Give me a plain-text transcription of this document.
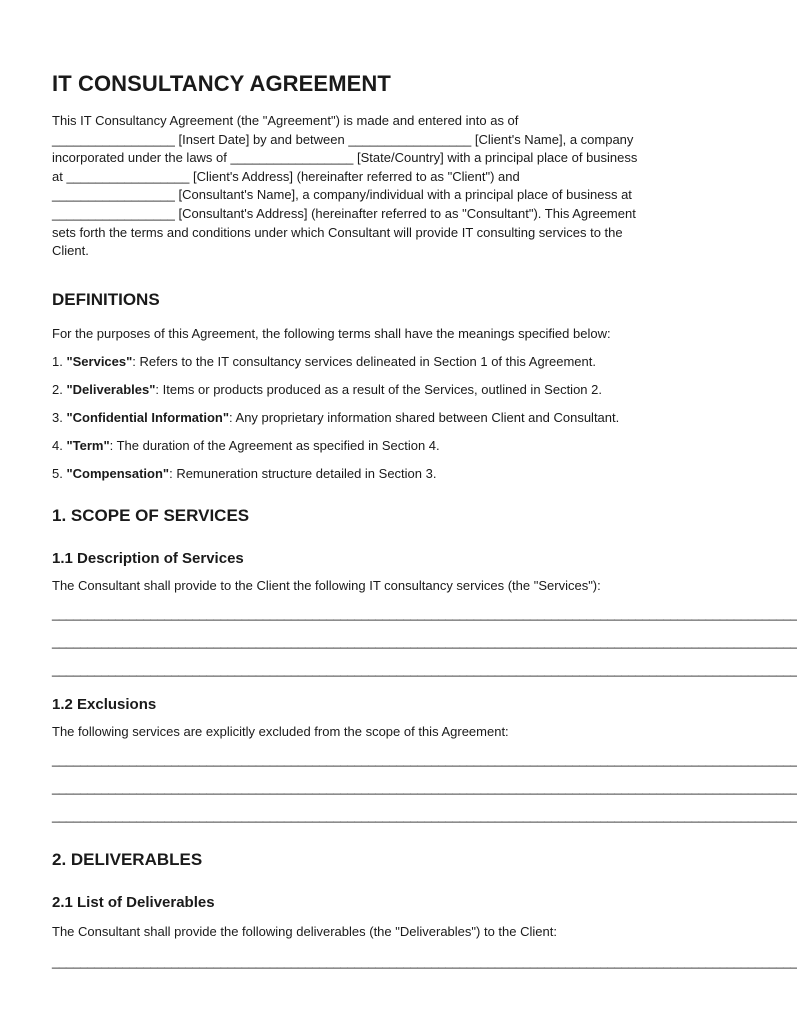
IT CONSULTANCY AGREEMENT

This IT Consultancy Agreement (the "Agreement") is made and entered into as of
_________________ [Insert Date] by and between _________________ [Client's Name], a company
incorporated under the laws of _________________ [State/Country] with a principal place of business
at _________________ [Client's Address] (hereinafter referred to as "Client") and
_________________ [Consultant's Name], a company/individual with a principal place of business at
_________________ [Consultant's Address] (hereinafter referred to as "Consultant"). This Agreement
sets forth the terms and conditions under which Consultant will provide IT consulting services to the
Client.

DEFINITIONS

For the purposes of this Agreement, the following terms shall have the meanings specified below:

1. "Services": Refers to the IT consultancy services delineated in Section 1 of this Agreement.

2. "Deliverables": Items or products produced as a result of the Services, outlined in Section 2.

3. "Confidential Information": Any proprietary information shared between Client and Consultant.

4. "Term": The duration of the Agreement as specified in Section 4.

5. "Compensation": Remuneration structure detailed in Section 3.

1. SCOPE OF SERVICES
1.1 Description of Services

The Consultant shall provide to the Client the following IT consultancy services (the "Services"):

__________________________________________________________________________________________________________

__________________________________________________________________________________________________________

__________________________________________________________________________________________________________

1.2 Exclusions

The following services are explicitly excluded from the scope of this Agreement:

__________________________________________________________________________________________________________

__________________________________________________________________________________________________________

__________________________________________________________________________________________________________

2. DELIVERABLES
2.1 List of Deliverables

The Consultant shall provide the following deliverables (the "Deliverables") to the Client:

__________________________________________________________________________________________________________
